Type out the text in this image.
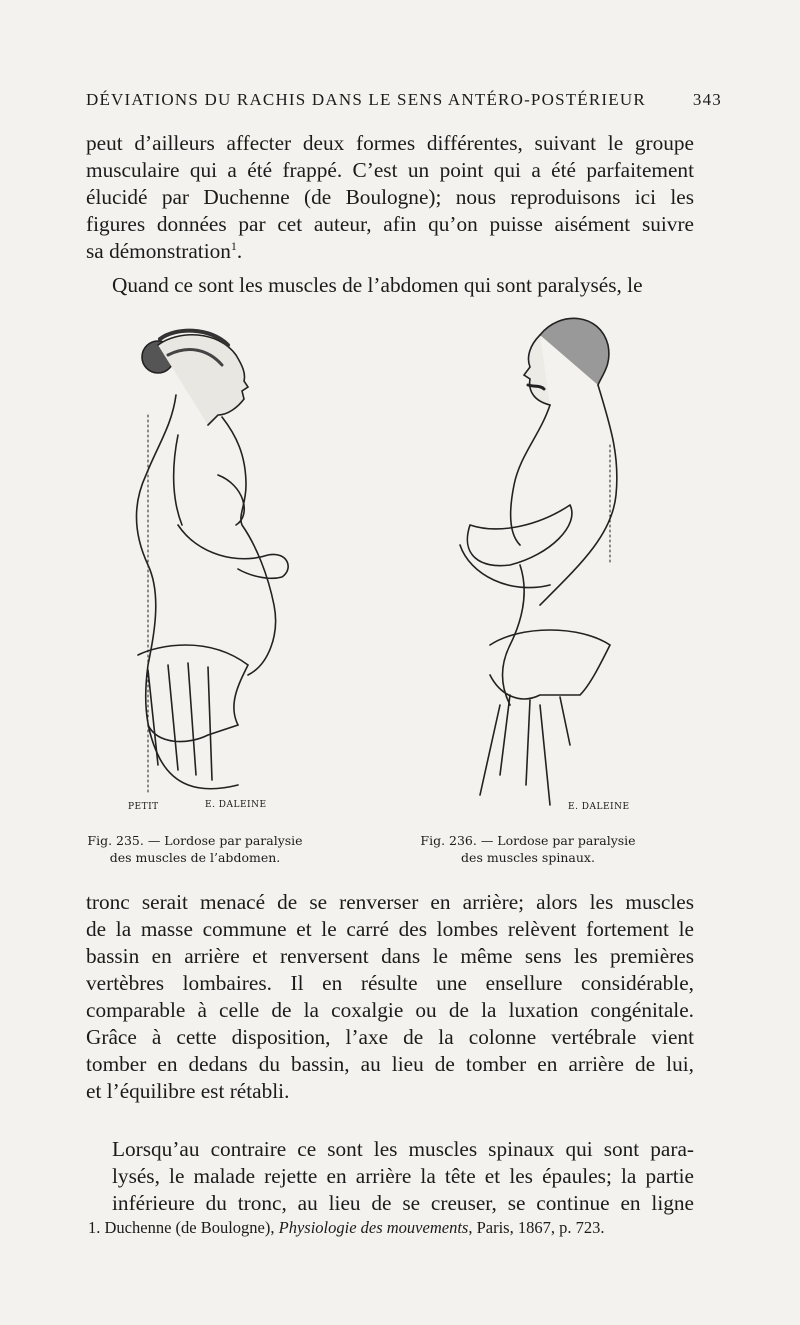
DÉVIATIONS DU RACHIS DANS LE SENS ANTÉRO-POSTÉRIEUR	343
peut d’ailleurs affecter deux formes différentes, suivant le groupe
musculaire qui a été frappé. C’est un point qui a été parfaitement
élucidé par Duchenne (de Boulogne); nous reproduisons ici les
figures données par cet auteur, afin qu’on puisse aisément suivre
sa démonstration$^1$.
Quand ce sont les muscles de l’abdomen qui sont paralysés, le
PETIT	E. DALEINE	E. DALEINE
Fig. 235. — Lordose par paralysie
des muscles de l’abdomen.
Fig. 236. — Lordose par paralysie
des muscles spinaux.
tronc serait menacé de se renverser en arrière; alors les muscles
de la masse commune et le carré des lombes relèvent fortement le
bassin en arrière et renversent dans le même sens les premières
vertèbres lombaires. Il en résulte une ensellure considérable,
comparable à celle de la coxalgie ou de la luxation congénitale.
Grâce à cette disposition, l’axe de la colonne vertébrale vient
tomber en dedans du bassin, au lieu de tomber en arrière de lui,
et l’équilibre est rétabli.
Lorsqu’au contraire ce sont les muscles spinaux qui sont para-
lysés, le malade rejette en arrière la tête et les épaules; la partie
inférieure du tronc, au lieu de se creuser, se continue en ligne
1. Duchenne (de Boulogne), Physiologie des mouvements, Paris, 1867, p. 723.
